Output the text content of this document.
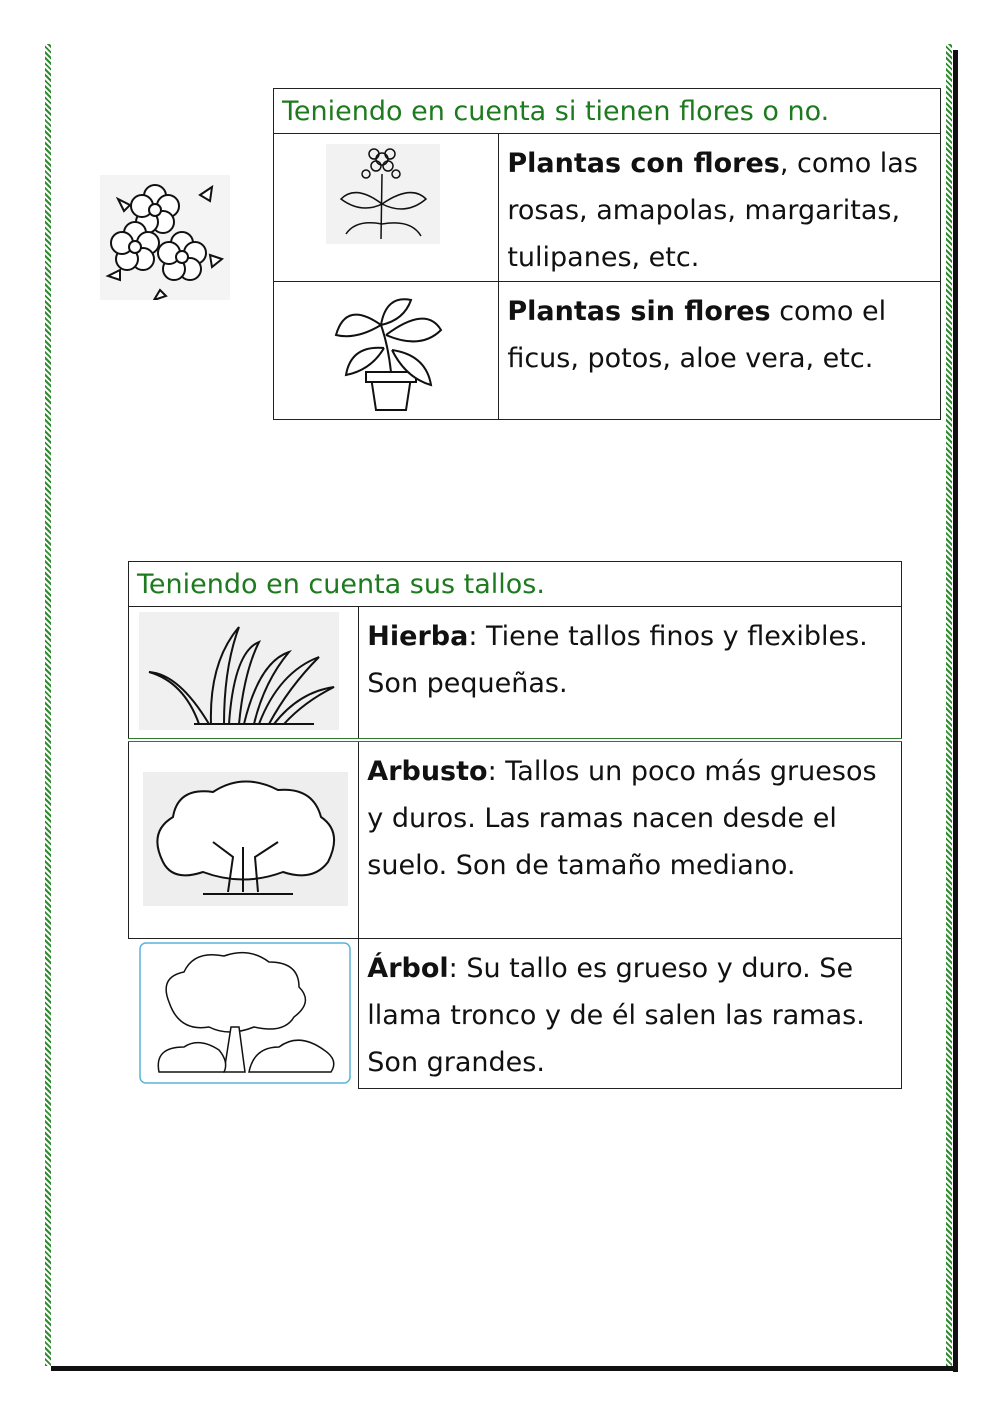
Teniendo en cuenta si tienen flores o no.	

	Plantas con flores, como las rosas, amapolas, margaritas, tulipanes, etc.

	Plantas sin flores como el ficus, potos, aloe vera, etc.
Teniendo en cuenta sus tallos.	

	Hierba: Tiene tallos finos y flexibles. Son pequeñas.

	Arbusto: Tallos un poco más gruesos y duros. Las ramas nacen desde el suelo. Son de tamaño mediano.

	Árbol: Su tallo es grueso y duro. Se llama tronco y de él salen las ramas. Son grandes.
